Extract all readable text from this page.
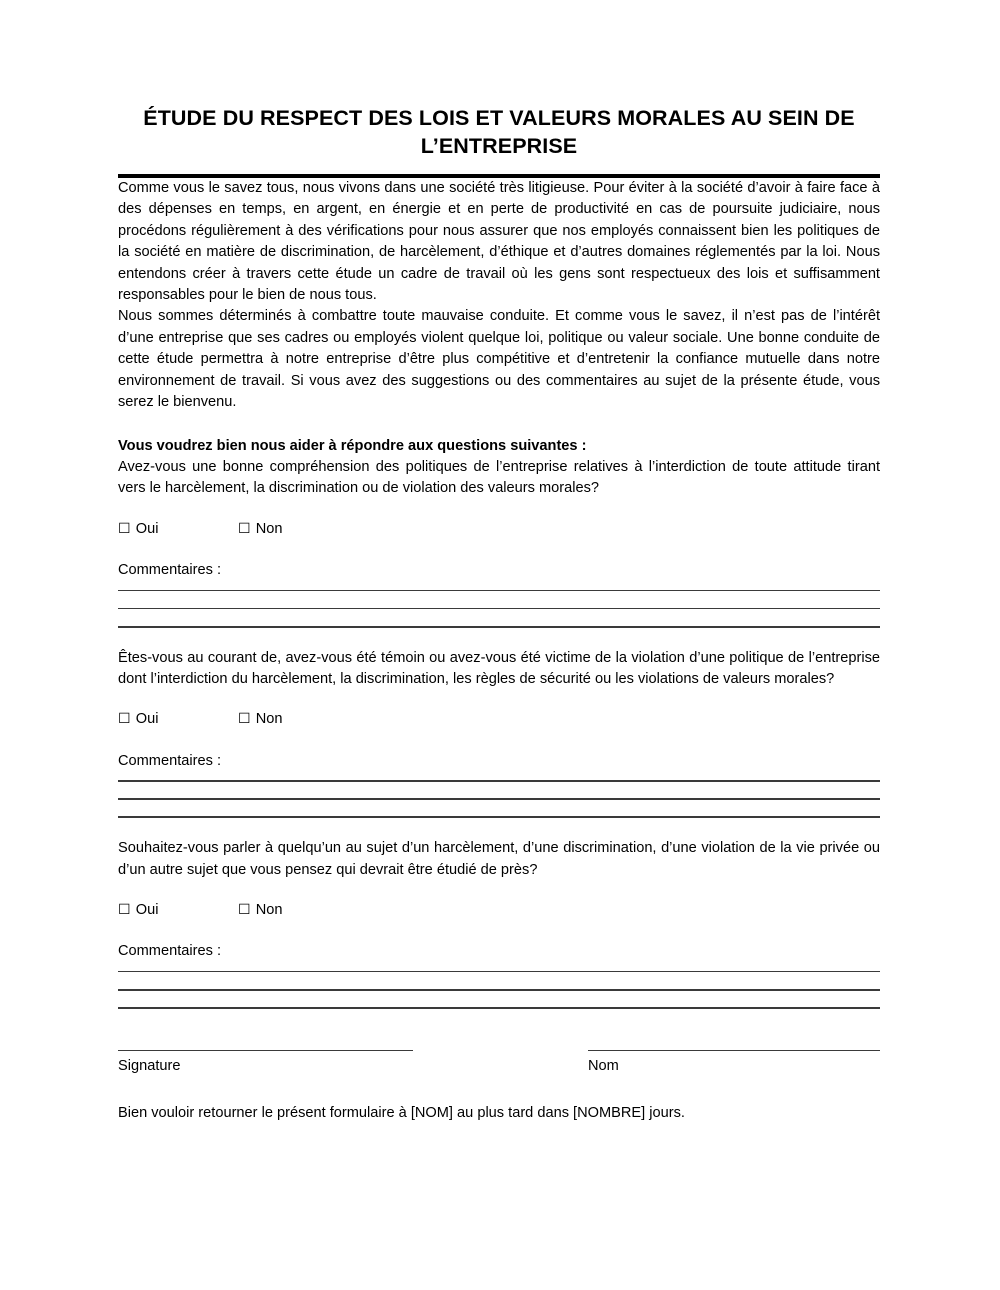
ÉTUDE DU RESPECT DES LOIS ET VALEURS MORALES AU SEIN DE L’ENTREPRISE

Comme vous le savez tous, nous vivons dans une société très litigieuse. Pour éviter à la société d’avoir à faire face à des dépenses en temps, en argent, en énergie et en perte de productivité en cas de poursuite judiciaire, nous procédons régulièrement à des vérifications pour nous assurer que nos employés connaissent bien les politiques de la société en matière de discrimination, de harcèlement, d’éthique et d’autres domaines réglementés par la loi. Nous entendons créer à travers cette étude un cadre de travail où les gens sont respectueux des lois et suffisamment responsables pour le bien de nous tous.

Nous sommes déterminés à combattre toute mauvaise conduite. Et comme vous le savez, il n’est pas de l’intérêt d’une entreprise que ses cadres ou employés violent quelque loi, politique ou valeur sociale. Une bonne conduite de cette étude permettra à notre entreprise d’être plus compétitive et d’entretenir la confiance mutuelle dans notre environnement de travail. Si vous avez des suggestions ou des commentaires au sujet de la présente étude, vous serez le bienvenu.

Vous voudrez bien nous aider à répondre aux questions suivantes :

Avez-vous une bonne compréhension des politiques de l’entreprise relatives à l’interdiction de toute attitude tirant vers le harcèlement, la discrimination ou de violation des valeurs morales?

☐ Oui	☐ Non
Commentaires :

Êtes-vous au courant de, avez-vous été témoin ou avez-vous été victime de la violation d’une politique de l’entreprise dont l’interdiction du harcèlement, la discrimination, les règles de sécurité ou les violations de valeurs morales?

☐ Oui	☐ Non
Commentaires :

Souhaitez-vous parler à quelqu’un au sujet d’un harcèlement, d’une discrimination, d’une violation de la vie privée ou d’un autre sujet que vous pensez qui devrait être étudié de près?

☐ Oui	☐ Non
Commentaires :
Signature	Nom

Bien vouloir retourner le présent formulaire à [NOM] au plus tard dans [NOMBRE] jours.
